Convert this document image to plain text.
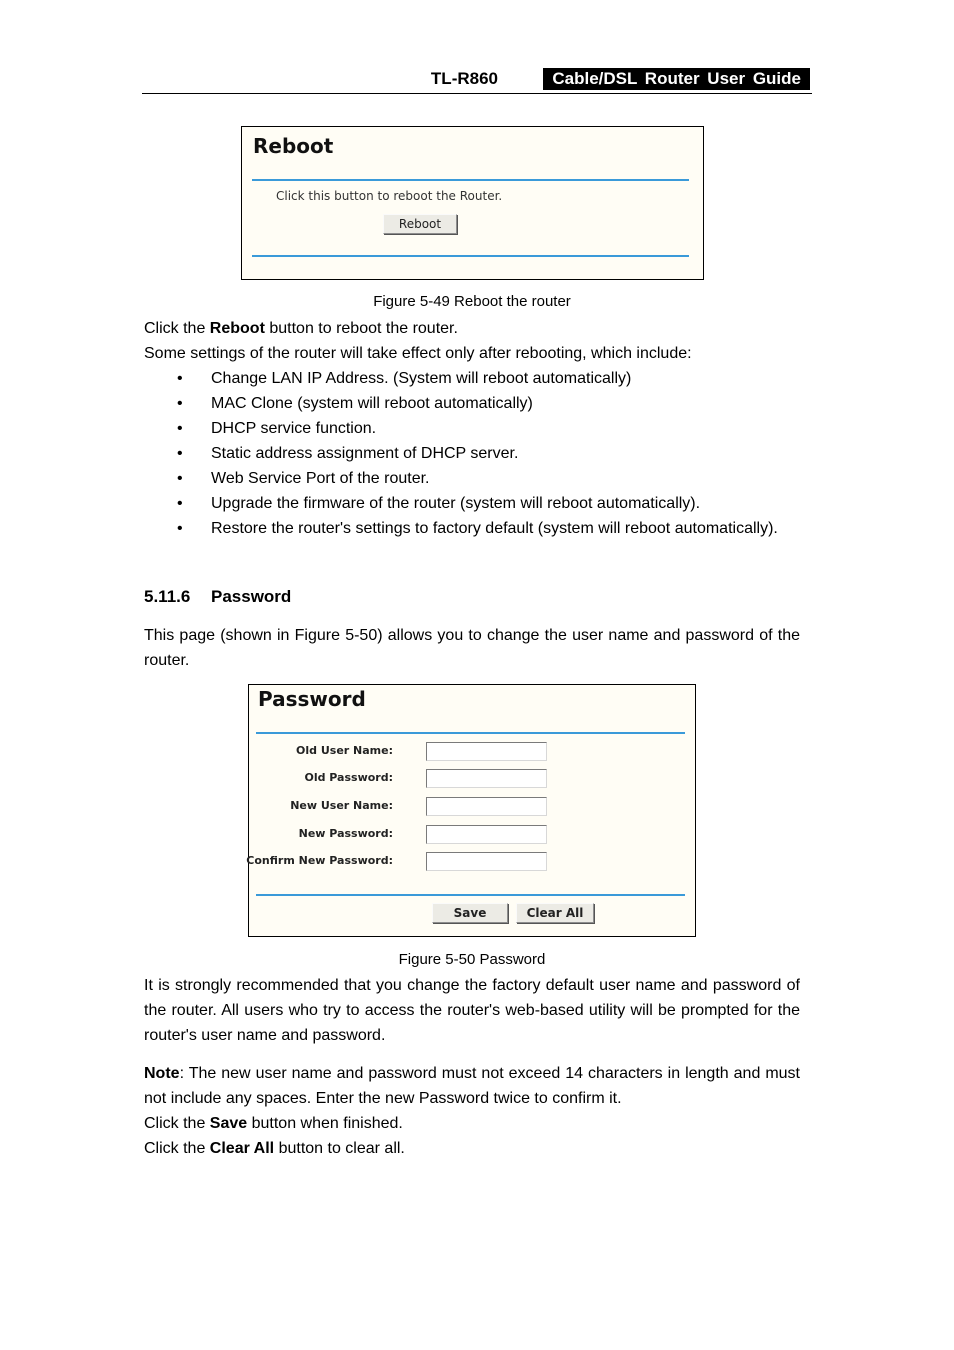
TL-R860	Cable/DSL Router User Guide
Reboot
Click this button to reboot the Router.
Reboot
Figure 5-49 Reboot the router

Click the Reboot button to reboot the router.

Some settings of the router will take effect only after rebooting, which include:

• Change LAN IP Address. (System will reboot automatically)
• MAC Clone (system will reboot automatically)
• DHCP service function.
• Static address assignment of DHCP server.
• Web Service Port of the router.
• Upgrade the firmware of the router (system will reboot automatically).
• Restore the router's settings to factory default (system will reboot automatically).
5.11.6 Password

This page (shown in Figure 5-50) allows you to change the user name and password of the router.

Password
Old User Name:
Old Password:
New User Name:
New Password:
Confirm New Password:
Save	Clear All
Figure 5-50 Password

It is strongly recommended that you change the factory default user name and password of the router. All users who try to access the router's web-based utility will be prompted for the router's user name and password.

Note: The new user name and password must not exceed 14 characters in length and must not include any spaces. Enter the new Password twice to confirm it.

Click the Save button when finished.

Click the Clear All button to clear all.
